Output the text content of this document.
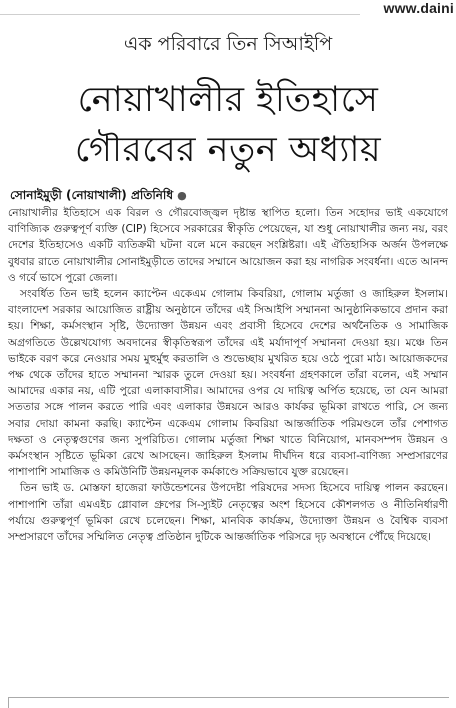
www.daini
এক পরিবারে তিন সিআইপি
নোয়াখালীর ইতিহাসে
গৌরবের নতুন অধ্যায়
সোনাইমুড়ী (নোয়াখালী) প্রতিনিধি ●

নোয়াখালীর ইতিহাসে এক বিরল ও গৌরবোজ্জ্বল দৃষ্টান্ত স্থাপিত হলো। তিন সহোদর ভাই একযোগে বাণিজ্যিক গুরুত্বপূর্ণ ব্যক্তি (CIP) হিসেবে সরকারের স্বীকৃতি পেয়েছেন, যা শুধু নোয়াখালীর জন্য নয়, বরং দেশের ইতিহাসেও একটি ব্যতিক্রমী ঘটনা বলে মনে করছেন সংশ্লিষ্টরা। এই ঐতিহাসিক অর্জন উপলক্ষে বুধবার রাতে নোয়াখালীর সোনাইমুড়ীতে তাদের সম্মানে আয়োজন করা হয় নাগরিক সংবর্ধনা। এতে আনন্দ ও গর্বে ভাসে পুরো জেলা।

সংবর্ধিত তিন ভাই হলেন ক্যাপ্টেন একেএম গোলাম কিবরিয়া, গোলাম মর্তুজা ও জাহিরুল ইসলাম। বাংলাদেশ সরকার আয়োজিত রাষ্ট্রীয় অনুষ্ঠানে তাঁদের এই সিআইপি সম্মাননা আনুষ্ঠানিকভাবে প্রদান করা হয়। শিক্ষা, কর্মসংস্থান সৃষ্টি, উদ্যোক্তা উন্নয়ন এবং প্রবাসী হিসেবে দেশের অর্থনৈতিক ও সামাজিক অগ্রগতিতে উল্লেখযোগ্য অবদানের স্বীকৃতিস্বরূপ তাঁদের এই মর্যাদাপূর্ণ সম্মাননা দেওয়া হয়। মঞ্চে তিন ভাইকে বরণ করে নেওয়ার সময় মুহুর্মুহু করতালি ও শুভেচ্ছায় মুখরিত হয়ে ওঠে পুরো মাঠ। আয়োজকদের পক্ষ থেকে তাঁদের হাতে সম্মাননা স্মারক তুলে দেওয়া হয়। সংবর্ধনা গ্রহণকালে তাঁরা বলেন, এই সম্মান আমাদের একার নয়, এটি পুরো এলাকাবাসীর। আমাদের ওপর যে দায়িত্ব অর্পিত হয়েছে, তা যেন আমরা সততার সঙ্গে পালন করতে পারি এবং এলাকার উন্নয়নে আরও কার্যকর ভূমিকা রাখতে পারি, সে জন্য সবার দোয়া কামনা করছি। ক্যাপ্টেন একেএম গোলাম কিবরিয়া আন্তর্জাতিক পরিমণ্ডলে তাঁর পেশাগত দক্ষতা ও নেতৃত্বগুণের জন্য সুপরিচিত। গোলাম মর্তুজা শিক্ষা খাতে বিনিয়োগ, মানবসম্পদ উন্নয়ন ও কর্মসংস্থান সৃষ্টিতে ভূমিকা রেখে আসছেন। জাহিরুল ইসলাম দীর্ঘদিন ধরে ব্যবসা-বাণিজ্য সম্প্রসারণের পাশাপাশি সামাজিক ও কমিউনিটি উন্নয়নমূলক কর্মকাণ্ডে সক্রিয়ভাবে যুক্ত রয়েছেন।

তিন ভাই ড. মোস্তফা হাজেরা ফাউন্ডেশনের উপদেষ্টা পরিষদের সদস্য হিসেবে দায়িত্ব পালন করছেন। পাশাপাশি তাঁরা এমএইচ গ্লোবাল গ্রুপের সি-স্যুইট নেতৃত্বের অংশ হিসেবে কৌশলগত ও নীতিনির্ধারণী পর্যায়ে গুরুত্বপূর্ণ ভূমিকা রেখে চলেছেন। শিক্ষা, মানবিক কার্যক্রম, উদ্যোক্তা উন্নয়ন ও বৈশ্বিক ব্যবসা সম্প্রসারণে তাঁদের সম্মিলিত নেতৃত্ব প্রতিষ্ঠান দুটিকে আন্তর্জাতিক পরিসরে দৃঢ় অবস্থানে পৌঁছে দিয়েছে।
